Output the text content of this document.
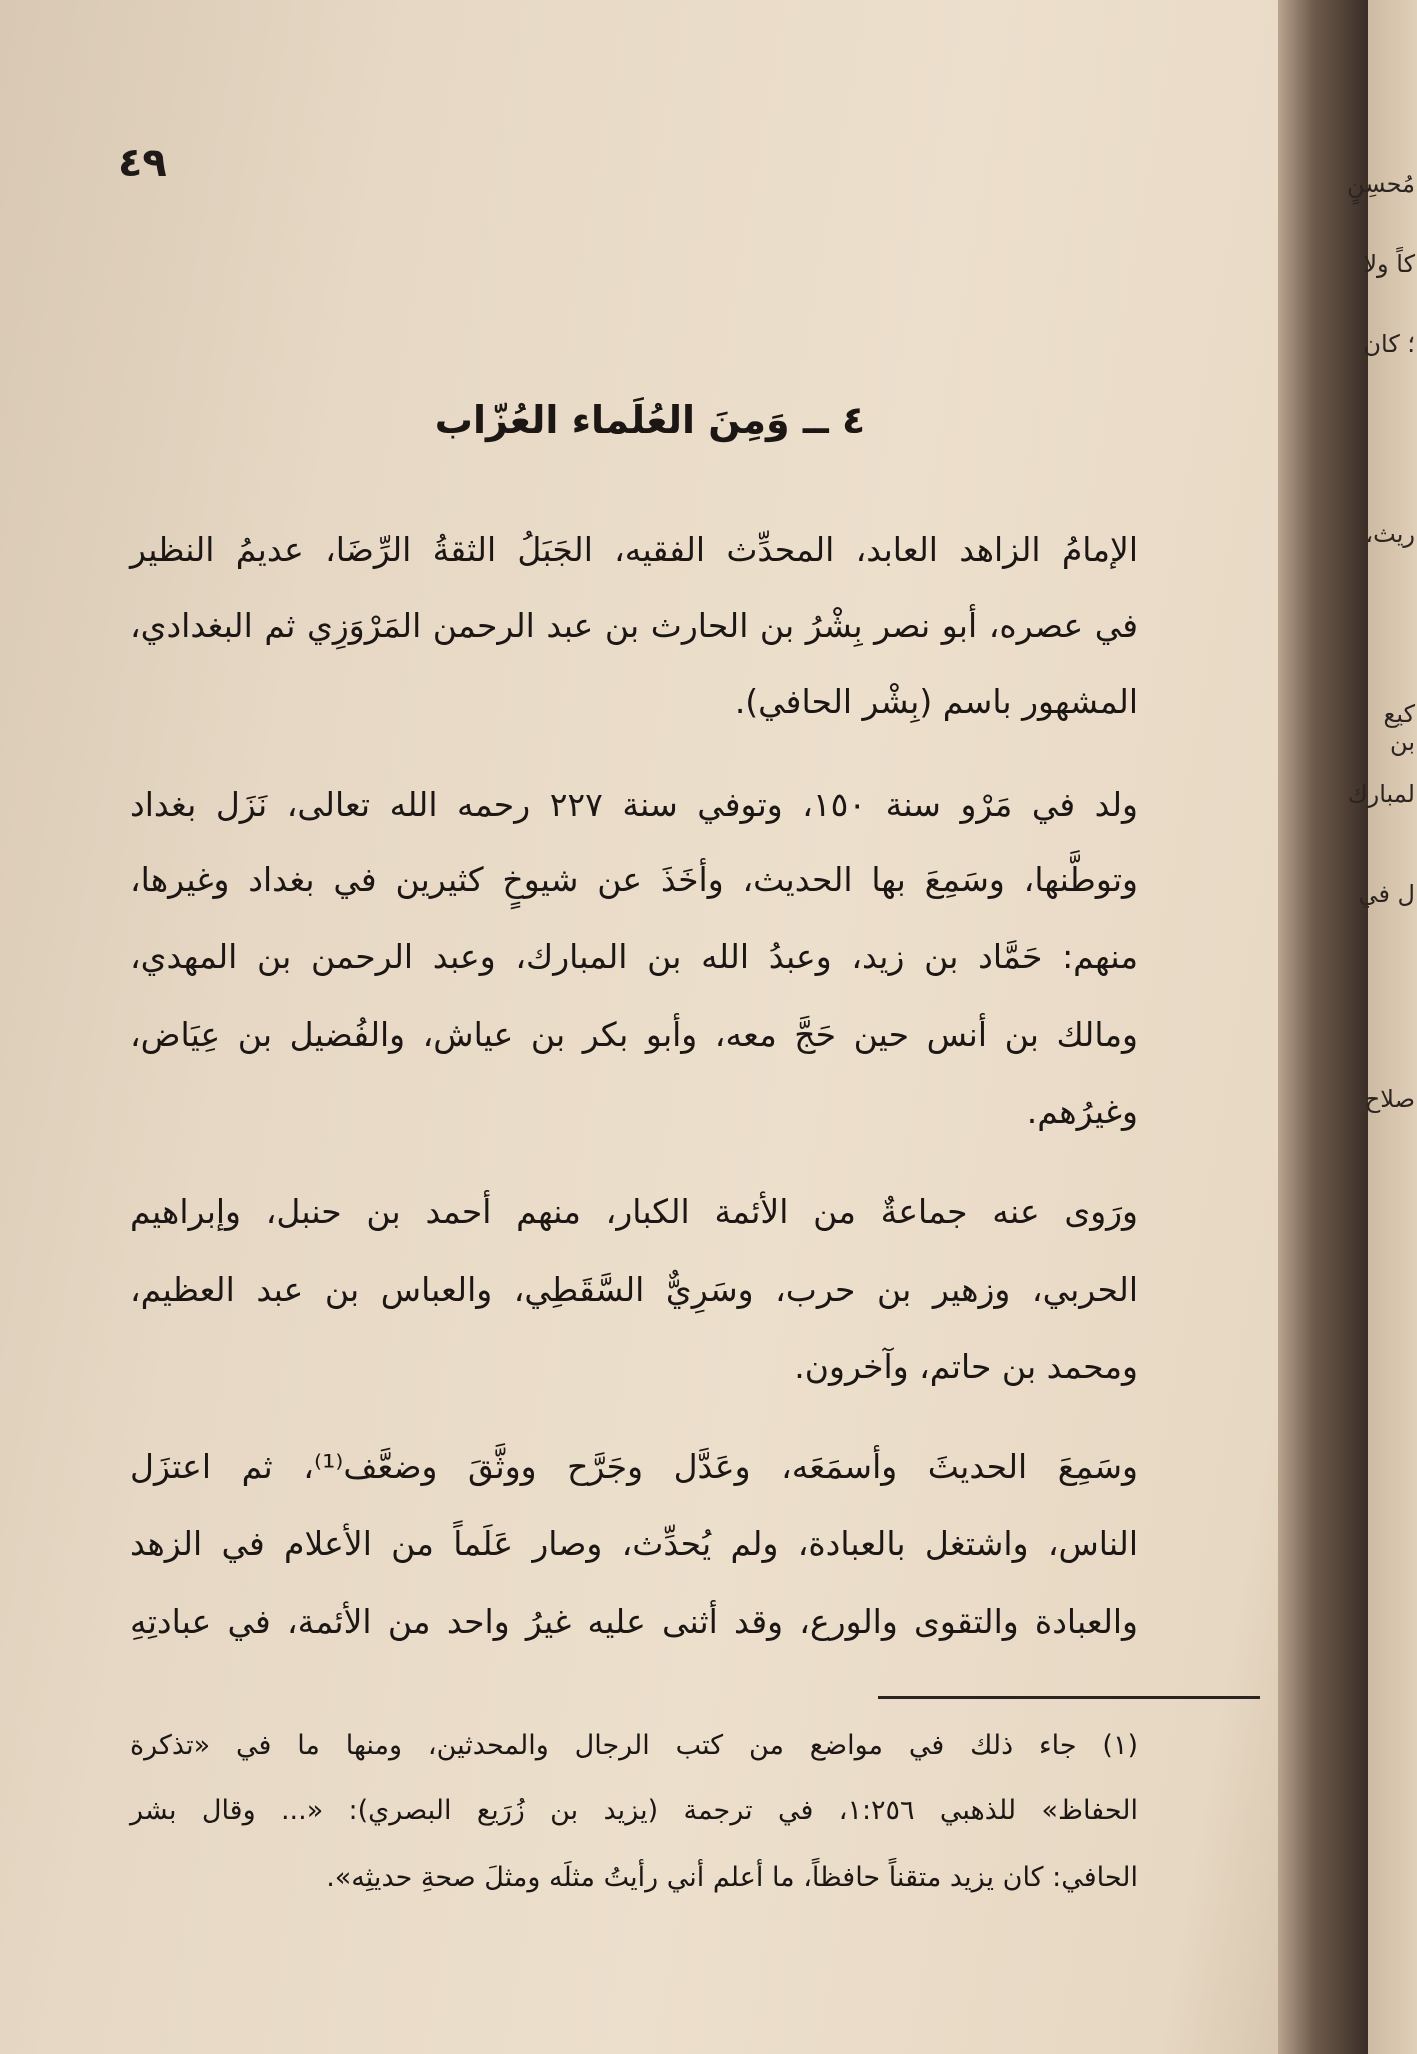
٤٩
٤ ــ وَمِنَ العُلَماء العُزّاب
الإمامُ الزاهد العابد، المحدِّث الفقيه، الجَبَلُ الثقةُ الرِّضَا، عديمُ النظير
في عصره، أبو نصر بِشْرُ بن الحارث بن عبد الرحمن المَرْوَزِي ثم البغدادي،
المشهور باسم (بِشْر الحافي).
ولد في مَرْو سنة ١٥٠، وتوفي سنة ٢٢٧ رحمه الله تعالى، نَزَل بغداد
وتوطَّنها، وسَمِعَ بها الحديث، وأخَذَ عن شيوخٍ كثيرين في بغداد وغيرها،
منهم: حَمَّاد بن زيد، وعبدُ الله بن المبارك، وعبد الرحمن بن المهدي،
ومالك بن أنس حين حَجَّ معه، وأبو بكر بن عياش، والفُضيل بن عِيَاض،
وغيرُهم.
ورَوى عنه جماعةٌ من الأئمة الكبار، منهم أحمد بن حنبل، وإبراهيم
الحربي، وزهير بن حرب، وسَرِيٌّ السَّقَطِي، والعباس بن عبد العظيم،
ومحمد بن حاتم، وآخرون.
وسَمِعَ الحديثَ وأسمَعَه، وعَدَّل وجَرَّح ووثَّقَ وضعَّف⁽¹⁾، ثم اعتزَل
الناس، واشتغل بالعبادة، ولم يُحدِّث، وصار عَلَماً من الأعلام في الزهد
والعبادة والتقوى والورع، وقد أثنى عليه غيرُ واحد من الأئمة، في عبادتِهِ
(١) جاء ذلك في مواضع من كتب الرجال والمحدثين، ومنها ما في «تذكرة
الحفاظ» للذهبي ١:٢٥٦، في ترجمة (يزيد بن زُرَيع البصري): «... وقال بشر
الحافي: كان يزيد متقناً حافظاً، ما أعلم أني رأيتُ مثلَه ومثلَ صحةِ حديثِه».
مُحسِنٍ
كاً ولا
؛ كان
ريث،
كيع بن
لمبارك
ل في
صلاح
